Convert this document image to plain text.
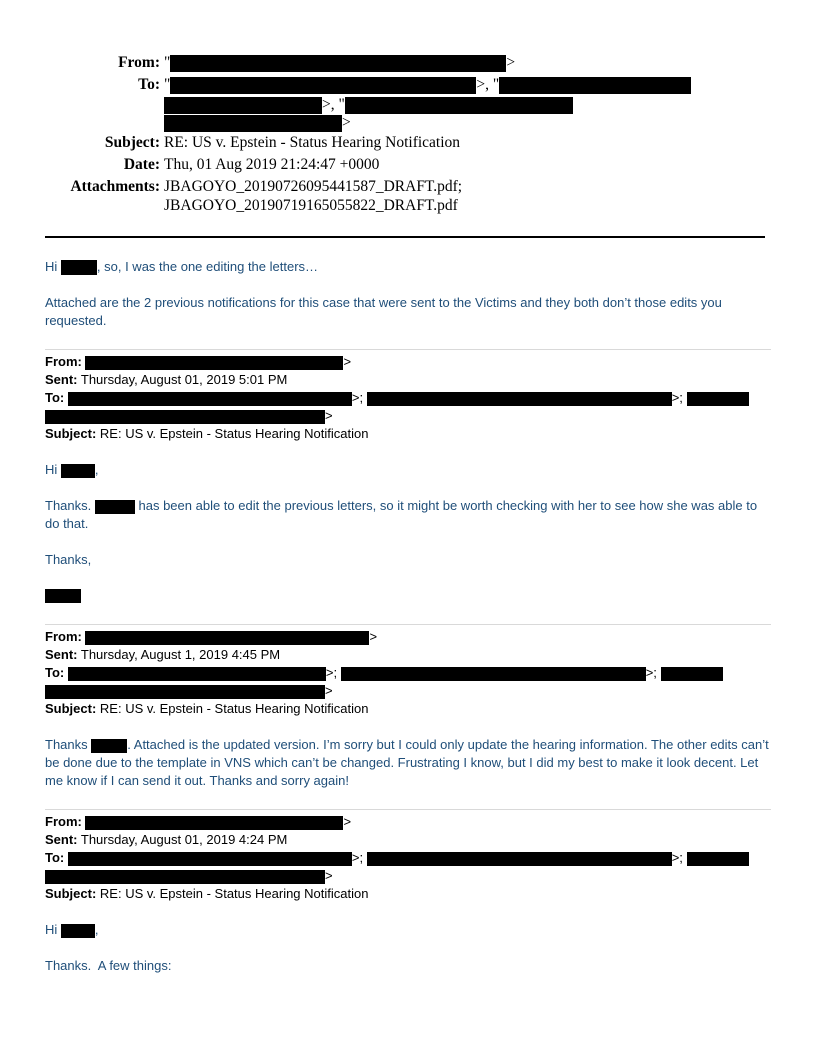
From: "	>
To: "	>, "
>, "
>
Subject: RE: US v. Epstein - Status Hearing Notification
Date: Thu, 01 Aug 2019 21:24:47 +0000
Attachments: JBAGOYO_20190726095441587_DRAFT.pdf;
JBAGOYO_20190719165055822_DRAFT.pdf
Hi	, so, I was the one editing the letters…
Attached are the 2 previous notifications for this case that were sent to the Victims and they both don’t those edits you requested.
From:	>
Sent: Thursday, August 01, 2019 5:01 PM
To:	>;	>;
>
Subject: RE: US v. Epstein - Status Hearing Notification
Hi	,
Thanks.	has been able to edit the previous letters, so it might be worth checking with her to see how she was able to do that.
Thanks,
From:	>
Sent: Thursday, August 1, 2019 4:45 PM
To:	>;	>;
>
Subject: RE: US v. Epstein - Status Hearing Notification
Thanks	. Attached is the updated version. I’m sorry but I could only update the hearing information. The other edits can’t be done due to the template in VNS which can’t be changed. Frustrating I know, but I did my best to make it look decent. Let me know if I can send it out. Thanks and sorry again!
From:	>
Sent: Thursday, August 01, 2019 4:24 PM
To:	>;	>;
>
Subject: RE: US v. Epstein - Status Hearing Notification
Hi	,
Thanks.  A few things:
